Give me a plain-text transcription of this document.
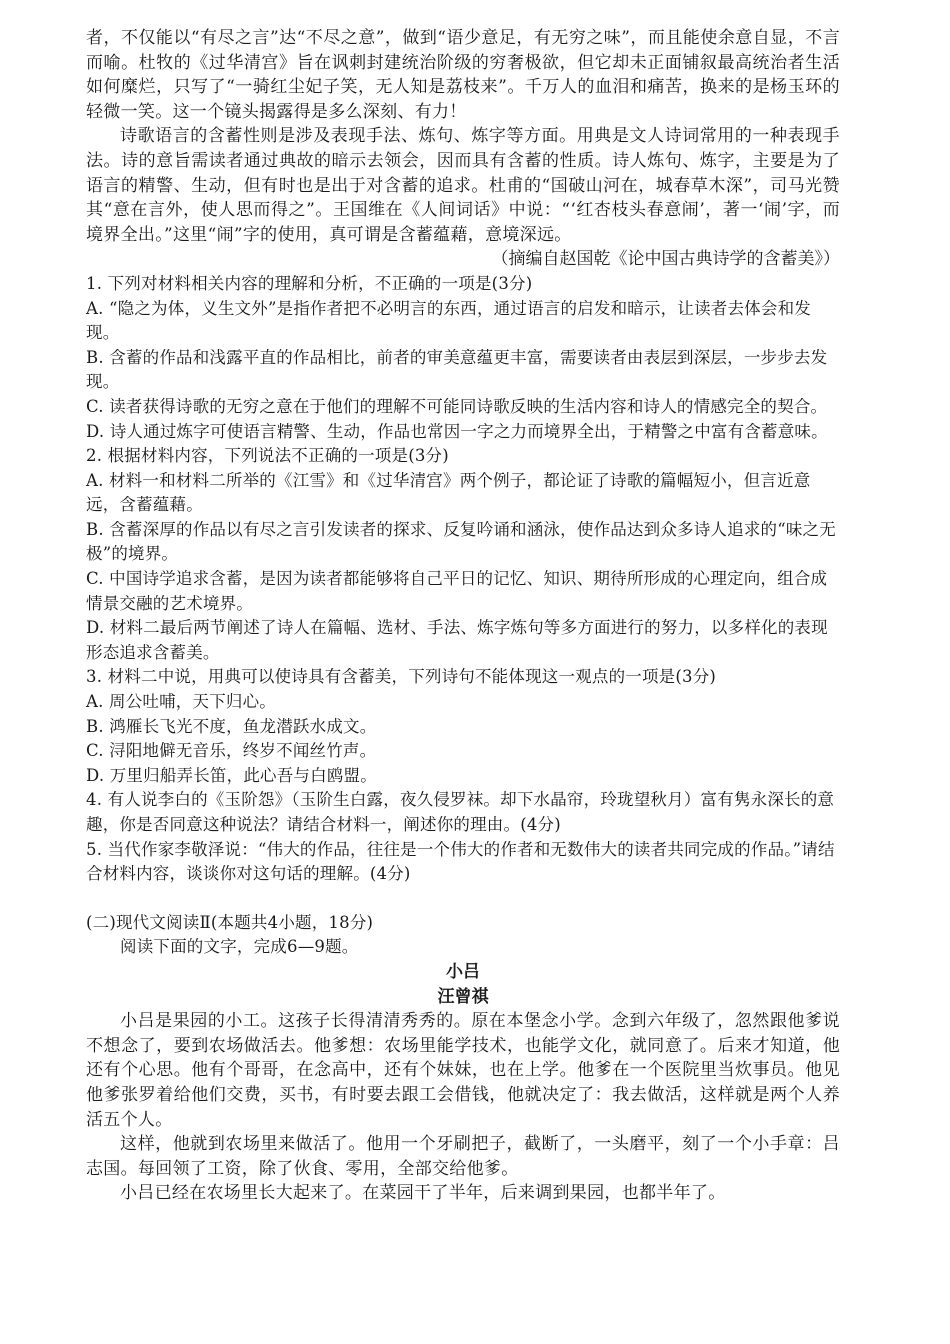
者，不仅能以“有尽之言”达“不尽之意”，做到“语少意足，有无穷之味”，而且能使余意自显，不言而喻。杜牧的《过华清宫》旨在讽刺封建统治阶级的穷奢极欲，但它却未正面铺叙最高统治者生活如何糜烂，只写了“一骑红尘妃子笑，无人知是荔枝来”。千万人的血泪和痛苦，换来的是杨玉环的轻微一笑。这一个镜头揭露得是多么深刻、有力！

诗歌语言的含蓄性则是涉及表现手法、炼句、炼字等方面。用典是文人诗词常用的一种表现手法。诗的意旨需读者通过典故的暗示去领会，因而具有含蓄的性质。诗人炼句、炼字，主要是为了语言的精警、生动，但有时也是出于对含蓄的追求。杜甫的“国破山河在，城春草木深”，司马光赞其“意在言外，使人思而得之”。王国维在《人间词话》中说：“‘红杏枝头春意闹’，著一‘闹’字，而境界全出。”这里“闹”字的使用，真可谓是含蓄蕴藉，意境深远。

（摘编自赵国乾《论中国古典诗学的含蓄美》）

1. 下列对材料相关内容的理解和分析，不正确的一项是(3分)

A. “隐之为体，义生文外”是指作者把不必明言的东西，通过语言的启发和暗示，让读者去体会和发现。

B. 含蓄的作品和浅露平直的作品相比，前者的审美意蕴更丰富，需要读者由表层到深层，一步步去发现。

C. 读者获得诗歌的无穷之意在于他们的理解不可能同诗歌反映的生活内容和诗人的情感完全的契合。

D. 诗人通过炼字可使语言精警、生动，作品也常因一字之力而境界全出，于精警之中富有含蓄意味。

2. 根据材料内容，下列说法不正确的一项是(3分)

A. 材料一和材料二所举的《江雪》和《过华清宫》两个例子，都论证了诗歌的篇幅短小，但言近意远，含蓄蕴藉。

B. 含蓄深厚的作品以有尽之言引发读者的探求、反复吟诵和涵泳，使作品达到众多诗人追求的“味之无极”的境界。

C. 中国诗学追求含蓄，是因为读者都能够将自己平日的记忆、知识、期待所形成的心理定向，组合成情景交融的艺术境界。

D. 材料二最后两节阐述了诗人在篇幅、选材、手法、炼字炼句等多方面进行的努力，以多样化的表现形态追求含蓄美。

3. 材料二中说，用典可以使诗具有含蓄美，下列诗句不能体现这一观点的一项是(3分)

A. 周公吐哺，天下归心。

B. 鸿雁长飞光不度，鱼龙潜跃水成文。

C. 浔阳地僻无音乐，终岁不闻丝竹声。

D. 万里归船弄长笛，此心吾与白鸥盟。

4. 有人说李白的《玉阶怨》（玉阶生白露，夜久侵罗袜。却下水晶帘，玲珑望秋月）富有隽永深长的意趣，你是否同意这种说法？请结合材料一，阐述你的理由。(4分)

5. 当代作家李敬泽说：“伟大的作品，往往是一个伟大的作者和无数伟大的读者共同完成的作品。”请结合材料内容，谈谈你对这句话的理解。(4分)

(二)现代文阅读Ⅱ(本题共4小题，18分)

阅读下面的文字，完成6—9题。

小吕

汪曾祺

小吕是果园的小工。这孩子长得清清秀秀的。原在本堡念小学。念到六年级了，忽然跟他爹说不想念了，要到农场做活去。他爹想：农场里能学技术，也能学文化，就同意了。后来才知道，他还有个心思。他有个哥哥，在念高中，还有个妹妹，也在上学。他爹在一个医院里当炊事员。他见他爹张罗着给他们交费，买书，有时要去跟工会借钱，他就决定了：我去做活，这样就是两个人养活五个人。

这样，他就到农场里来做活了。他用一个牙刷把子，截断了，一头磨平，刻了一个小手章：吕志国。每回领了工资，除了伙食、零用，全部交给他爹。

小吕已经在农场里长大起来了。在菜园干了半年，后来调到果园，也都半年了。
